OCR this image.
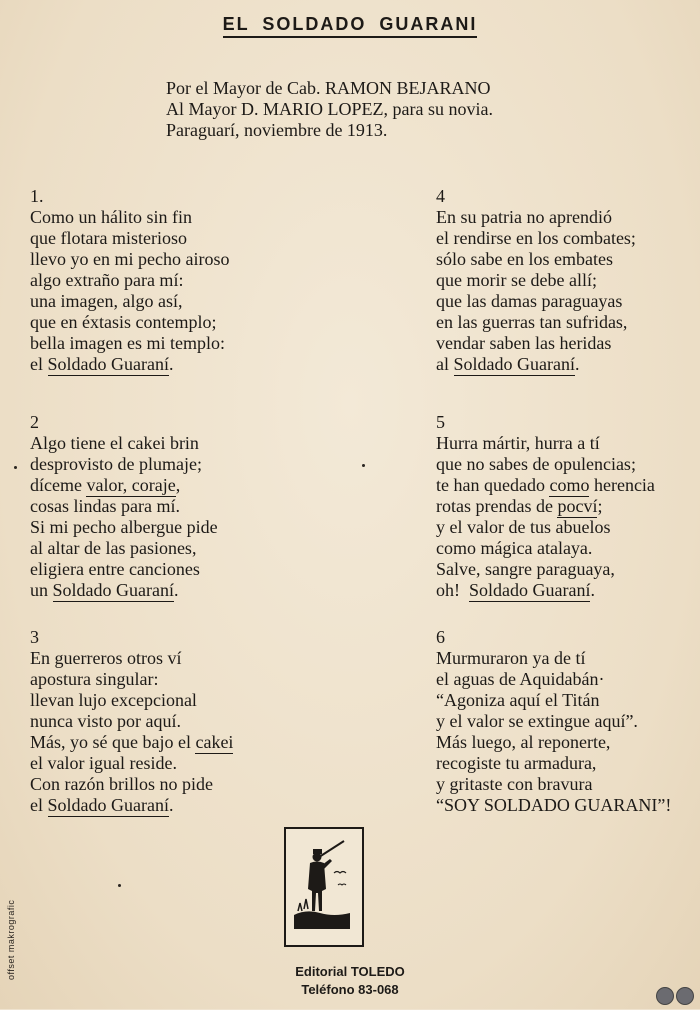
EL SOLDADO GUARANI
Por el Mayor de Cab. RAMON BEJARANO
Al Mayor D. MARIO LOPEZ, para su novia.
Paraguarí, noviembre de 1913.
1.
Como un hálito sin fin
que flotara misterioso
llevo yo en mi pecho airoso
algo extraño para mí:
una imagen, algo así,
que en éxtasis contemplo;
bella imagen es mi templo:
el Soldado Guaraní.
2
Algo tiene el cakei brin
desprovisto de plumaje;
díceme valor, coraje,
cosas lindas para mí.
Si mi pecho albergue pide
al altar de las pasiones,
eligiera entre canciones
un Soldado Guaraní.
3
En guerreros otros ví
apostura singular:
llevan lujo excepcional
nunca visto por aquí.
Más, yo sé que bajo el cakei
el valor igual reside.
Con razón brillos no pide
el Soldado Guaraní.
4
En su patria no aprendió
el rendirse en los combates;
sólo sabe en los embates
que morir se debe allí;
que las damas paraguayas
en las guerras tan sufridas,
vendar saben las heridas
al Soldado Guaraní.
5
Hurra mártir, hurra a tí
que no sabes de opulencias;
te han quedado como herencia
rotas prendas de pocví;
y el valor de tus abuelos
como mágica atalaya.
Salve, sangre paraguaya,
oh!  Soldado Guaraní.
6
Murmuraron ya de tí
el aguas de Aquidabán·
“Agoniza aquí el Titán
y el valor se extingue aquí”.
Más luego, al reponerte,
recogiste tu armadura,
y gritaste con bravura
“SOY SOLDADO GUARANI”!
Editorial TOLEDO
Teléfono 83-068
offset makrografic
